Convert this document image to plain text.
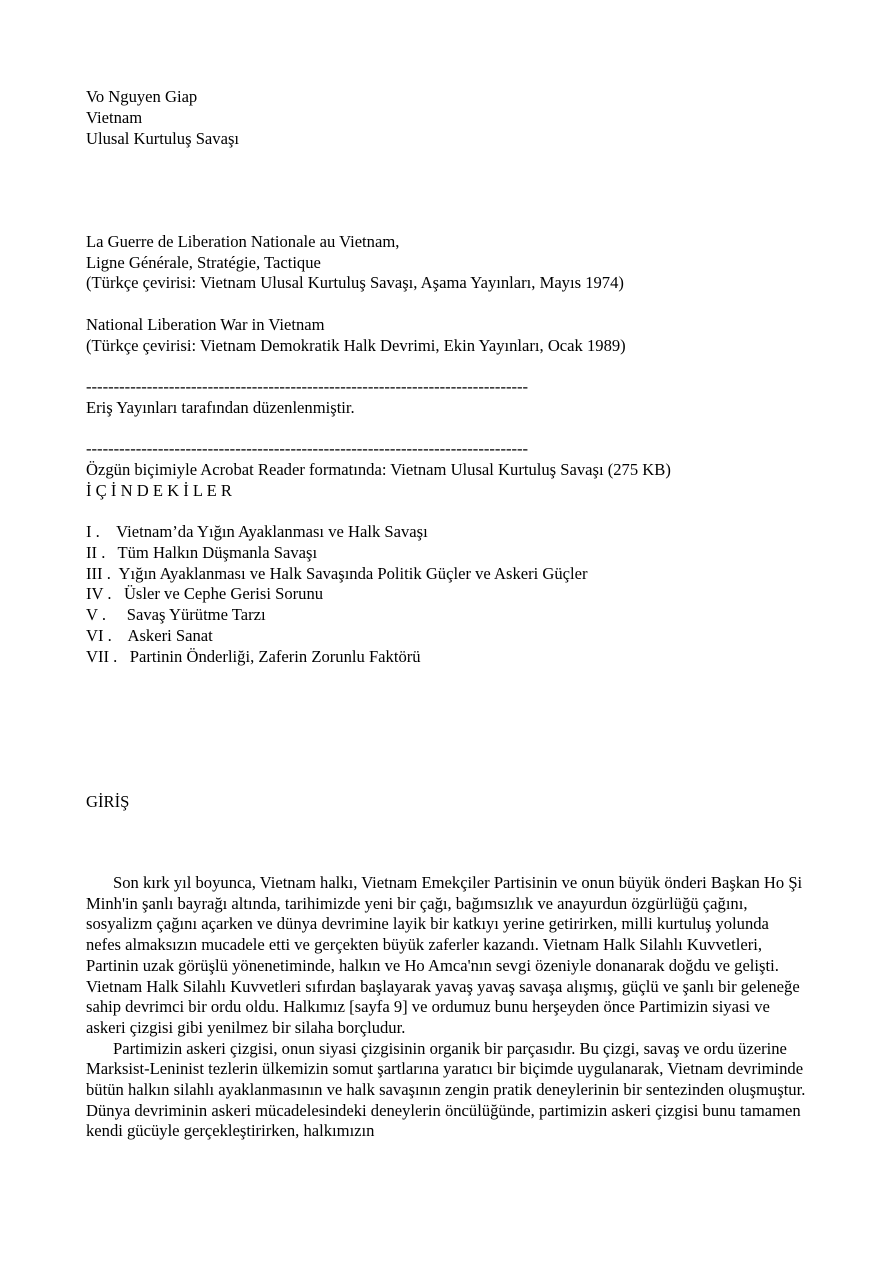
Vo Nguyen Giap
Vietnam
Ulusal Kurtuluş Savaşı
La Guerre de Liberation Nationale au Vietnam,
Ligne Générale, Stratégie, Tactique
(Türkçe çevirisi: Vietnam Ulusal Kurtuluş Savaşı, Aşama Yayınları, Mayıs 1974)
National Liberation War in Vietnam
(Türkçe çevirisi: Vietnam Demokratik Halk Devrimi, Ekin Yayınları, Ocak 1989)
--------------------------------------------------------------------------------
Eriş Yayınları tarafından düzenlenmiştir.
--------------------------------------------------------------------------------
Özgün biçimiyle Acrobat Reader formatında: Vietnam Ulusal Kurtuluş Savaşı (275 KB)
İ Ç İ N D E K İ L E R
I .    Vietnam’da Yığın Ayaklanması ve Halk Savaşı
II .   Tüm Halkın Düşmanla Savaşı
III .  Yığın Ayaklanması ve Halk Savaşında Politik Güçler ve Askeri Güçler
IV .   Üsler ve Cephe Gerisi Sorunu
V .     Savaş Yürütme Tarzı
VI .    Askeri Sanat
VII .   Partinin Önderliği, Zaferin Zorunlu Faktörü
GİRİŞ

Son kırk yıl boyunca, Vietnam halkı, Vietnam Emekçiler Partisinin ve onun büyük önderi Başkan Ho Şi Minh'in şanlı bayrağı altında, tarihimizde yeni bir çağı, bağımsızlık ve anayurdun özgürlüğü çağını, sosyalizm çağını açarken ve dünya devrimine layik bir katkıyı yerine getirirken, milli kurtuluş yolunda nefes almaksızın mucadele etti ve gerçekten büyük zaferler kazandı. Vietnam Halk Silahlı Kuvvetleri, Partinin uzak görüşlü yönenetiminde, halkın ve Ho Amca'nın sevgi özeniyle donanarak doğdu ve gelişti. Vietnam Halk Silahlı Kuvvetleri sıfırdan başlayarak yavaş yavaş savaşa alışmış, güçlü ve şanlı bir geleneğe sahip devrimci bir ordu oldu. Halkımız [sayfa 9] ve ordumuz bunu herşeyden önce Partimizin siyasi ve askeri çizgisi gibi yenilmez bir silaha borçludur.

Partimizin askeri çizgisi, onun siyasi çizgisinin organik bir parçasıdır. Bu çizgi, savaş ve ordu üzerine Marksist-Leninist tezlerin ülkemizin somut şartlarına yaratıcı bir biçimde uygulanarak, Vietnam devriminde bütün halkın silahlı ayaklanmasının ve halk savaşının zengin pratik deneylerinin bir sentezinden oluşmuştur. Dünya devriminin askeri mücadelesindeki deneylerin öncülüğünde, partimizin askeri çizgisi bunu tamamen kendi gücüyle gerçekleştirirken, halkımızın
